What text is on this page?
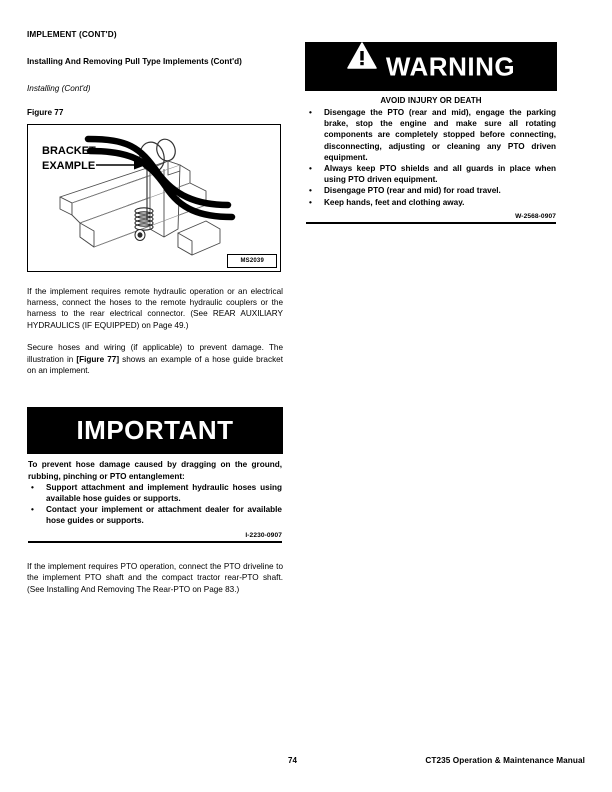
IMPLEMENT (CONT'D)
Installing And Removing Pull Type Implements (Cont'd)
Installing (Cont'd)
Figure 77
BRACKET
EXAMPLE
MS2039

If the implement requires remote hydraulic operation or an electrical harness, connect the hoses to the remote hydraulic couplers or the harness to the rear electrical connector. (See REAR AUXILIARY HYDRAULICS (IF EQUIPPED) on Page 49.)

Secure hoses and wiring (if applicable) to prevent damage. The illustration in [Figure 77] shows an example of a hose guide bracket on an implement.

IMPORTANT

To prevent hose damage caused by dragging on the ground, rubbing, pinching or PTO entanglement:

• Support attachment and implement hydraulic hoses using available hose guides or supports.
• Contact your implement or attachment dealer for available hose guides or supports.
I-2230-0907

If the implement requires PTO operation, connect the PTO driveline to the implement PTO shaft and the compact tractor rear-PTO shaft. (See Installing And Removing The Rear-PTO on Page 83.)

WARNING
AVOID INJURY OR DEATH
• Disengage the PTO (rear and mid), engage the parking brake, stop the engine and make sure all rotating components are completely stopped before connecting, disconnecting, adjusting or cleaning any PTO driven equipment.
• Always keep PTO shields and all guards in place when using PTO driven equipment.
• Disengage PTO (rear and mid) for road travel.
• Keep hands, feet and clothing away.
W-2568-0907
74	CT235 Operation & Maintenance Manual
